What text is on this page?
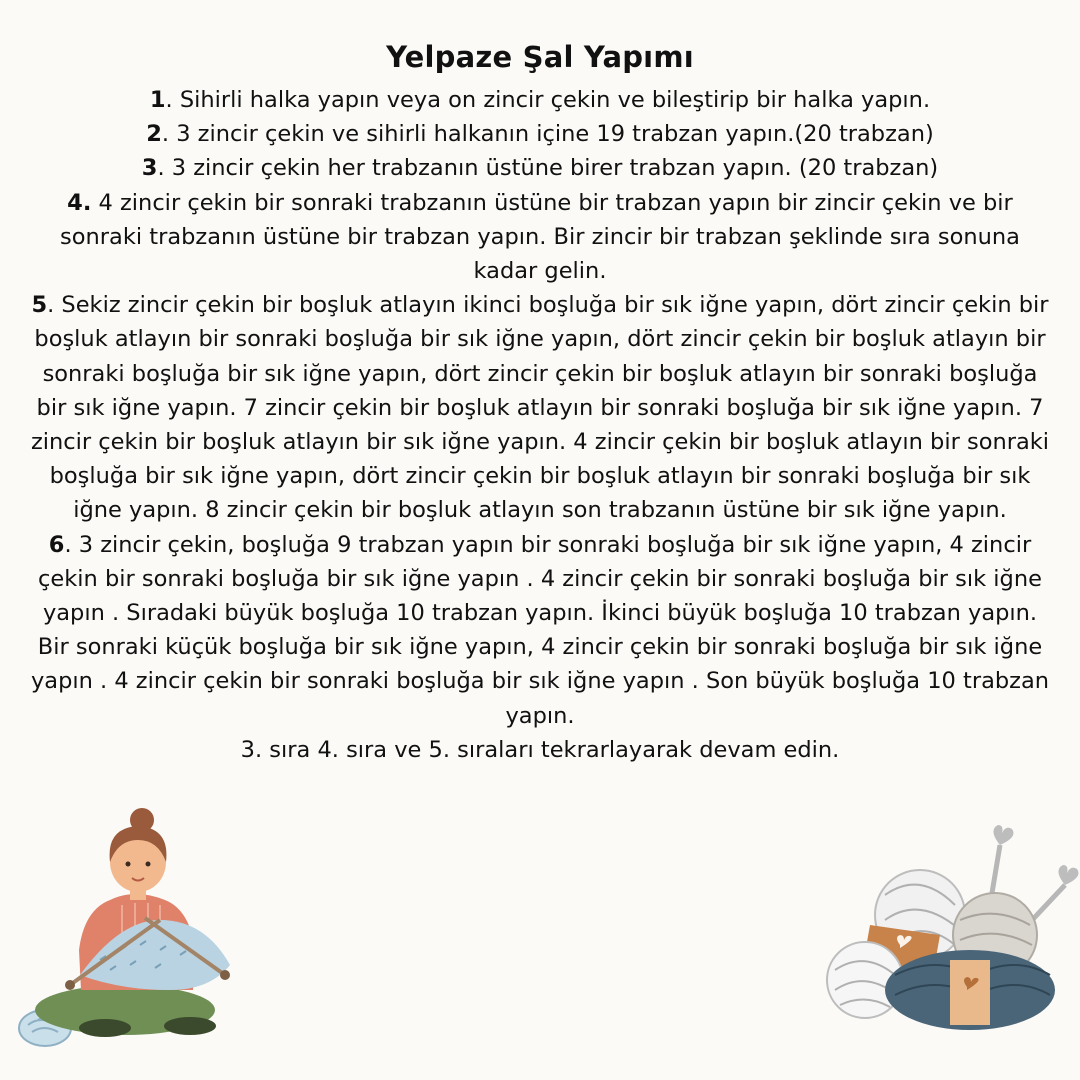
Yelpaze Şal Yapımı
1. Sihirli halka yapın veya on zincir çekin ve bileştirip bir halka yapın.
2. 3 zincir çekin ve sihirli halkanın içine 19 trabzan yapın.(20 trabzan)
3. 3 zincir çekin her trabzanın üstüne birer trabzan yapın. (20 trabzan)
4. 4 zincir çekin bir sonraki trabzanın üstüne bir trabzan yapın bir zincir çekin ve bir sonraki trabzanın üstüne bir trabzan yapın. Bir zincir bir trabzan şeklinde sıra sonuna kadar gelin.
5. Sekiz zincir çekin bir boşluk atlayın ikinci boşluğa bir sık iğne yapın, dört zincir çekin bir boşluk atlayın bir sonraki boşluğa bir sık iğne yapın, dört zincir çekin bir boşluk atlayın bir sonraki boşluğa bir sık iğne yapın, dört zincir çekin bir boşluk atlayın bir sonraki boşluğa bir sık iğne yapın. 7 zincir çekin bir boşluk atlayın bir sonraki boşluğa bir sık iğne yapın. 7 zincir çekin bir boşluk atlayın bir sık iğne yapın. 4 zincir çekin bir boşluk atlayın bir sonraki boşluğa bir sık iğne yapın, dört zincir çekin bir boşluk atlayın bir sonraki boşluğa bir sık iğne yapın. 8 zincir çekin bir boşluk atlayın son trabzanın üstüne bir sık iğne yapın.
6. 3 zincir çekin, boşluğa 9 trabzan yapın bir sonraki boşluğa bir sık iğne yapın, 4 zincir çekin bir sonraki boşluğa bir sık iğne yapın . 4 zincir çekin bir sonraki boşluğa bir sık iğne yapın . Sıradaki büyük boşluğa 10 trabzan yapın. İkinci büyük boşluğa 10 trabzan yapın. Bir sonraki küçük boşluğa bir sık iğne yapın, 4 zincir çekin bir sonraki boşluğa bir sık iğne yapın . 4 zincir çekin bir sonraki boşluğa bir sık iğne yapın . Son büyük boşluğa 10 trabzan yapın.
3. sıra 4. sıra ve 5. sıraları tekrarlayarak devam edin.
